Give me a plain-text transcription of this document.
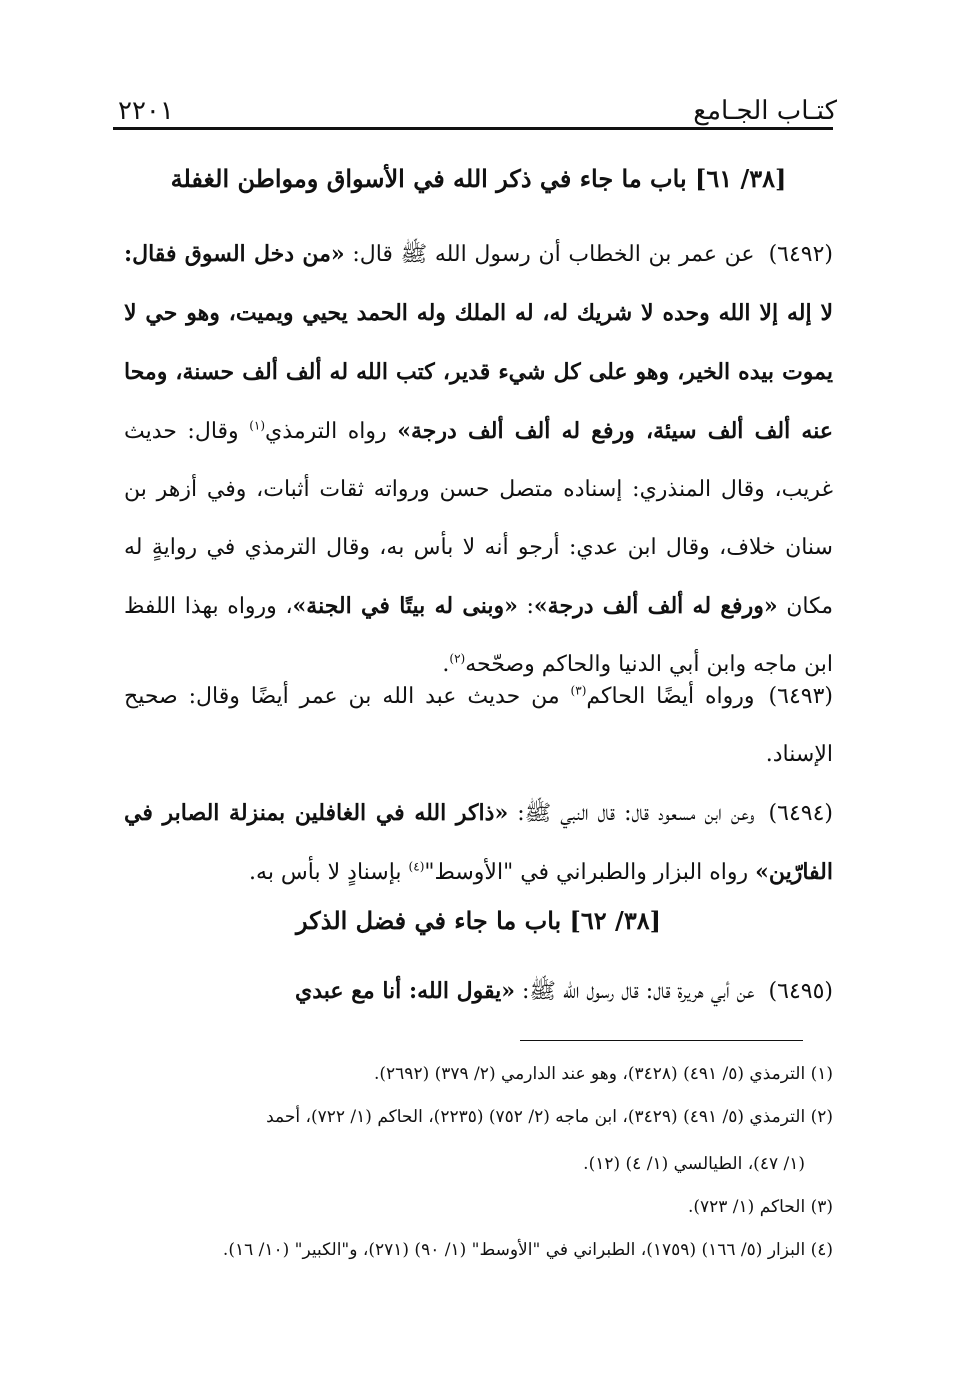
كتـاب الجـامع
٢٢٠١
[٣٨/ ٦١] باب ما جاء في ذكر الله في الأسواق ومواطن الغفلة
(٦٤٩٢)عن عمر بن الخطاب أن رسول الله ﷺ قال: «من دخل السوق فقال: لا إله إلا الله وحده لا شريك له، له الملك وله الحمد يحيي ويميت، وهو حي لا يموت بيده الخير، وهو على كل شيء قدير، كتب الله له ألف ألف حسنة، ومحا عنه ألف ألف سيئة، ورفع له ألف ألف درجة» رواه الترمذي$^{(١)}$ وقال: حديث غريب، وقال المنذري: إسناده متصل حسن ورواته ثقات أثبات، وفي أزهر بن سنان خلاف، وقال ابن عدي: أرجو أنه لا بأس به، وقال الترمذي في روايةٍ له مكان «ورفع له ألف ألف درجة»: «وبنى له بيتًا في الجنة»، ورواه بهذا اللفظ ابن ماجه وابن أبي الدنيا والحاكم وصحّحه$^{(٢)}$.
(٦٤٩٣)ورواه أيضًا الحاكم$^{(٣)}$ من حديث عبد الله بن عمر أيضًا وقال: صحيح الإسناد.
(٦٤٩٤)وعن ابن مسعود قال: قال النبي ﷺ: «ذاكر الله في الغافلين بمنزلة الصابر في الفارّين» رواه البزار والطبراني في "الأوسط"$^{(٤)}$ بإسنادٍ لا بأس به.
[٣٨/ ٦٢] باب ما جاء في فضل الذكر
(٦٤٩٥)عن أبي هريرة قال: قال رسول الله ﷺ: «يقول الله: أنا مع عبدي
(١) الترمذي (٥/ ٤٩١) (٣٤٢٨)، وهو عند الدارمي (٢/ ٣٧٩) (٢٦٩٢).
(٢) الترمذي (٥/ ٤٩١) (٣٤٢٩)، ابن ماجه (٢/ ٧٥٢) (٢٢٣٥)، الحاكم (١/ ٧٢٢)، أحمد
(١/ ٤٧)، الطيالسي (١/ ٤) (١٢).
(٣) الحاكم (١/ ٧٢٣).
(٤) البزار (٥/ ١٦٦) (١٧٥٩)، الطبراني في "الأوسط" (١/ ٩٠) (٢٧١)، و"الكبير" (١٠/ ١٦).
